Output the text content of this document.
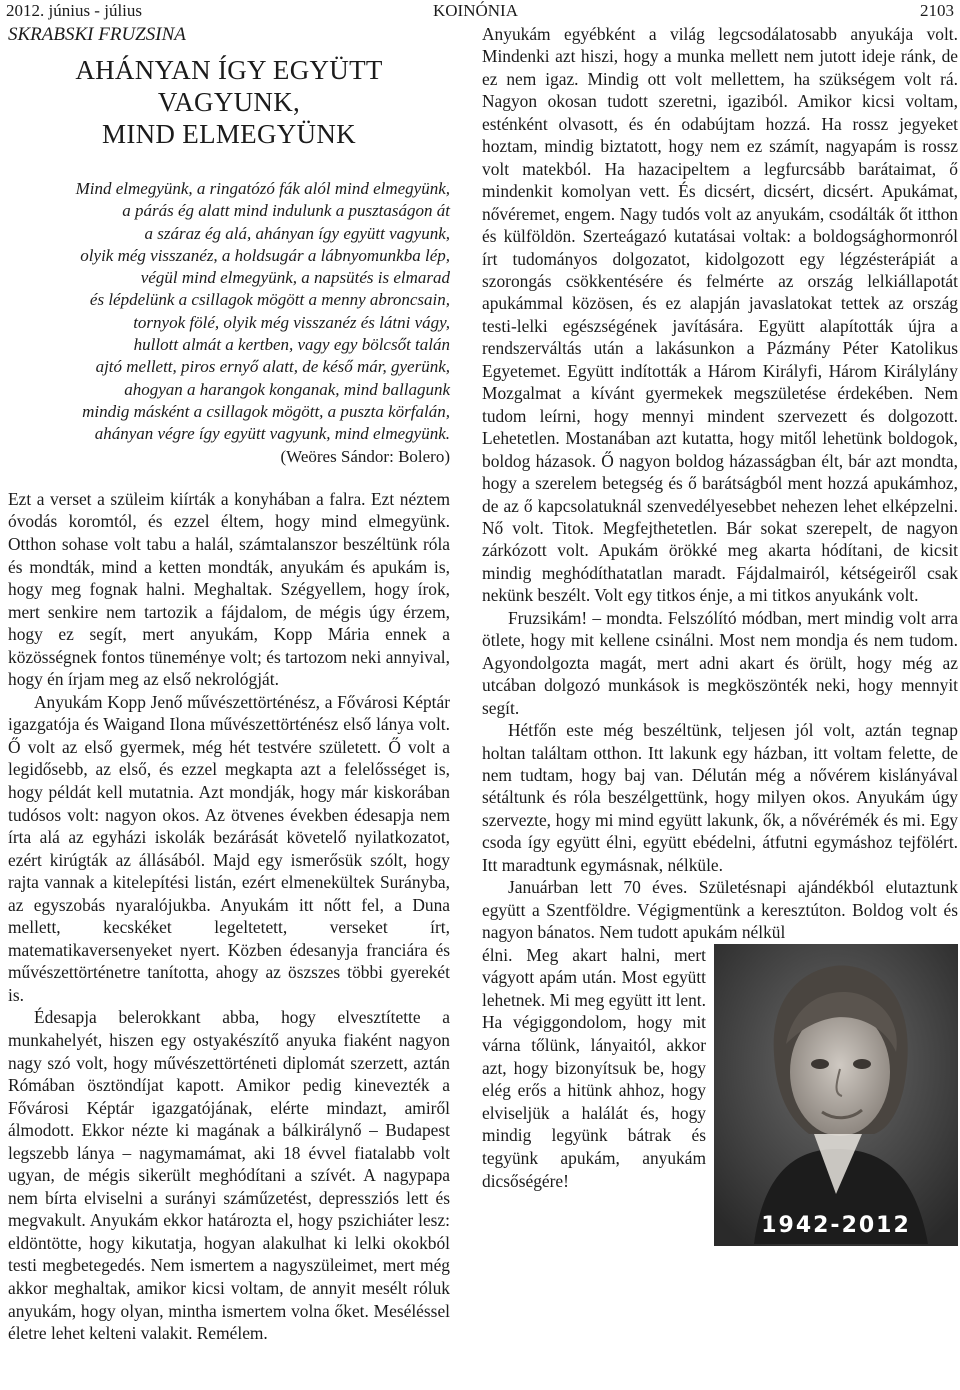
2012. június - július	KOINÓNIA	2103

SKRABSKI FRUZSINA

AHÁNYAN ÍGY EGYÜTT VAGYUNK,
MIND ELMEGYÜNK
Mind elmegyünk, a ringatózó fák alól mind elmegyünk,
a párás ég alatt mind indulunk a pusztaságon át
a száraz ég alá, ahányan így együtt vagyunk,
olyik még visszanéz, a holdsugár a lábnyomunkba lép,
végül mind elmegyünk, a napsütés is elmarad
és lépdelünk a csillagok mögött a menny abroncsain,
tornyok fölé, olyik még visszanéz és látni vágy,
hullott almát a kertben, vagy egy bölcsőt talán
ajtó mellett, piros ernyő alatt, de késő már, gyerünk,
ahogyan a harangok konganak, mind ballagunk
mindig másként a csillagok mögött, a puszta körfalán,
ahányan végre így együtt vagyunk, mind elmegyünk.
(Weöres Sándor: Bolero)

Ezt a verset a szüleim kiírták a konyhában a falra. Ezt néztem óvodás koromtól, és ezzel éltem, hogy mind elmegyünk. Otthon sohase volt tabu a halál, számtalanszor beszéltünk róla és mondták, mind a ketten mondták, anyukám és apukám is, hogy meg fognak halni. Meghaltak. Szégyellem, hogy írok, mert senkire nem tartozik a fájdalom, de mégis úgy érzem, hogy ez segít, mert anyukám, Kopp Mária ennek a közösségnek fontos tüneménye volt; és tartozom neki annyival, hogy én írjam meg az első nekrológját.

Anyukám Kopp Jenő művészettörténész, a Fővárosi Képtár igazgatója és Waigand Ilona művészettörténész első lánya volt. Ő volt az első gyermek, még hét testvére született. Ő volt a legidősebb, az első, és ezzel megkapta azt a felelősséget is, hogy példát kell mutatnia. Azt mondják, hogy már kiskorában tudósos volt: nagyon okos. Az ötvenes években édesapja nem írta alá az egyházi iskolák bezárását követelő nyilatkozatot, ezért kirúgták az állásából. Majd egy ismerősük szólt, hogy rajta vannak a kitelepítési listán, ezért elmenekültek Surányba, az egyszobás nyaralójukba. Anyukám itt nőtt fel, a Duna mellett, kecskéket legeltetett, verseket írt, matematikaversenyeket nyert. Közben édesanyja franciára és művészettörténetre tanította, ahogy az öszszes többi gyerekét is.

Édesapja belerokkant abba, hogy elvesztítette a munkahelyét, hiszen egy ostyakészítő anyuka fiaként nagyon nagy szó volt, hogy művészettörténeti diplomát szerzett, aztán Rómában ösztöndíjat kapott. Amikor pedig kinevezték a Fővárosi Képtár igazgatójának, elérte mindazt, amiről álmodott. Ekkor nézte ki magának a bálkirálynő – Budapest legszebb lánya – nagymamámat, aki 18 évvel fiatalabb volt ugyan, de mégis sikerült meghódítani a szívét. A nagypapa nem bírta elviselni a surányi száműzetést, depressziós lett és megvakult. Anyukám ekkor határozta el, hogy pszichiáter lesz: eldöntötte, hogy kikutatja, hogyan alakulhat ki lelki okokból testi megbetegedés. Nem ismertem a nagyszüleimet, mert még akkor meghaltak, amikor kicsi voltam, de annyit mesélt róluk anyukám, hogy olyan, mintha ismertem volna őket. Meséléssel életre lehet kelteni valakit. Remélem.

Anyukám egyébként a világ legcsodálatosabb anyukája volt. Mindenki azt hiszi, hogy a munka mellett nem jutott ideje ránk, de ez nem igaz. Mindig ott volt mellettem, ha szükségem volt rá. Nagyon okosan tudott szeretni, igaziból. Amikor kicsi voltam, esténként olvasott, és én odabújtam hozzá. Ha rossz jegyeket hoztam, mindig biztatott, hogy nem ez számít, nagyapám is rossz volt matekból. Ha hazacipeltem a legfurcsább barátaimat, ő mindenkit komolyan vett. És dicsért, dicsért, dicsért. Apukámat, nővéremet, engem. Nagy tudós volt az anyukám, csodálták őt itthon és külföldön. Szerteágazó kutatásai voltak: a boldogsághormonról írt tudományos dolgozatot, kidolgozott egy légzésterápiát a szorongás csökkentésére és felmérte az ország lelkiállapotát apukámmal közösen, és ez alapján javaslatokat tettek az ország testi-lelki egészségének javítására. Együtt alapították újra a rendszerváltás után a lakásunkon a Pázmány Péter Katolikus Egyetemet. Együtt indították a Három Királyfi, Három Királylány Mozgalmat a kívánt gyermekek megszületése érdekében. Nem tudom leírni, hogy mennyi mindent szervezett és dolgozott. Lehetetlen. Mostanában azt kutatta, hogy mitől lehetünk boldogok, boldog házasok. Ő nagyon boldog házasságban élt, bár azt mondta, hogy a szerelem betegség és ő barátságból ment hozzá apukámhoz, de az ő kapcsolatuknál szenvedélyesebbet nehezen lehet elképzelni. Nő volt. Titok. Megfejthetetlen. Bár sokat szerepelt, de nagyon zárkózott volt. Apukám örökké meg akarta hódítani, de kicsit mindig meghódíthatatlan maradt. Fájdalmairól, kétségeiről csak nekünk beszélt. Volt egy titkos énje, a mi titkos anyukánk volt.

Fruzsikám! – mondta. Felszólító módban, mert mindig volt arra ötlete, hogy mit kellene csinálni. Most nem mondja és nem tudom. Agyondolgozta magát, mert adni akart és örült, hogy még az utcában dolgozó munkások is megköszönték neki, hogy mennyit segít.

Hétfőn este még beszéltünk, teljesen jól volt, aztán tegnap holtan találtam otthon. Itt lakunk egy házban, itt voltam felette, de nem tudtam, hogy baj van. Délután még a nővérem kislányával sétáltunk és róla beszélgettünk, hogy milyen okos. Anyukám úgy szervezte, hogy mi mind együtt lakunk, ők, a nővérémék és mi. Egy csoda így együtt élni, együtt ebédelni, átfutni egymáshoz tejfölért. Itt maradtunk egymásnak, nélküle.

Januárban lett 70 éves. Születésnapi ajándékból elutaztunk együtt a Szentföldre. Végigmentünk a keresztúton. Boldog volt és nagyon bánatos. Nem tudott apukám nélkül

élni. Meg akart halni, mert vágyott apám után. Most együtt lehetnek. Mi meg együtt itt lent. Ha végiggondolom, hogy mit várna tőlünk, lányaitól, akkor azt, hogy bizonyítsuk be, hogy elég erős a hitünk ahhoz, hogy elviseljük a halálát és, hogy mindig legyünk bátrak és tegyünk apukám, anyukám dicsőségére!

1942-2012
